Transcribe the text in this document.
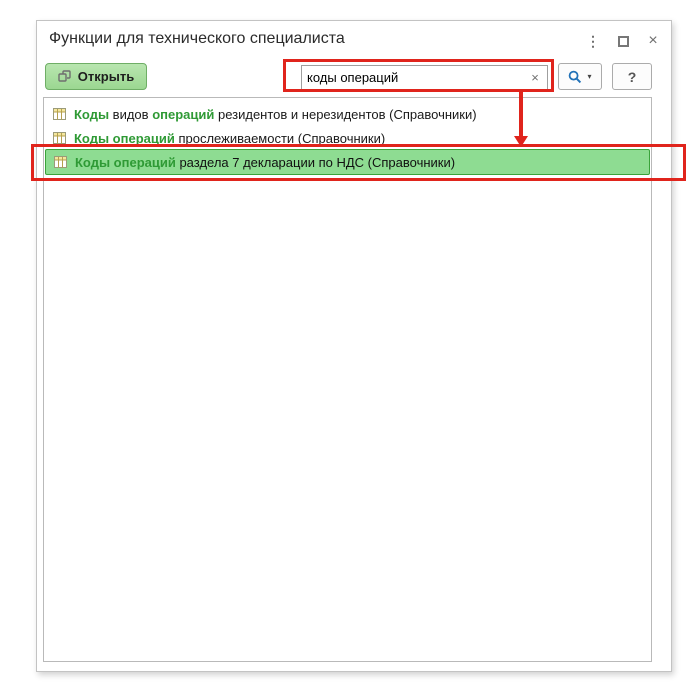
Функции для технического специалиста	⋮	×
Открыть
коды операций	×	▾	?
Коды видов операций резидентов и нерезидентов (Справочники)
Коды операций прослеживаемости (Справочники)
Коды операций раздела 7 декларации по НДС (Справочники)
